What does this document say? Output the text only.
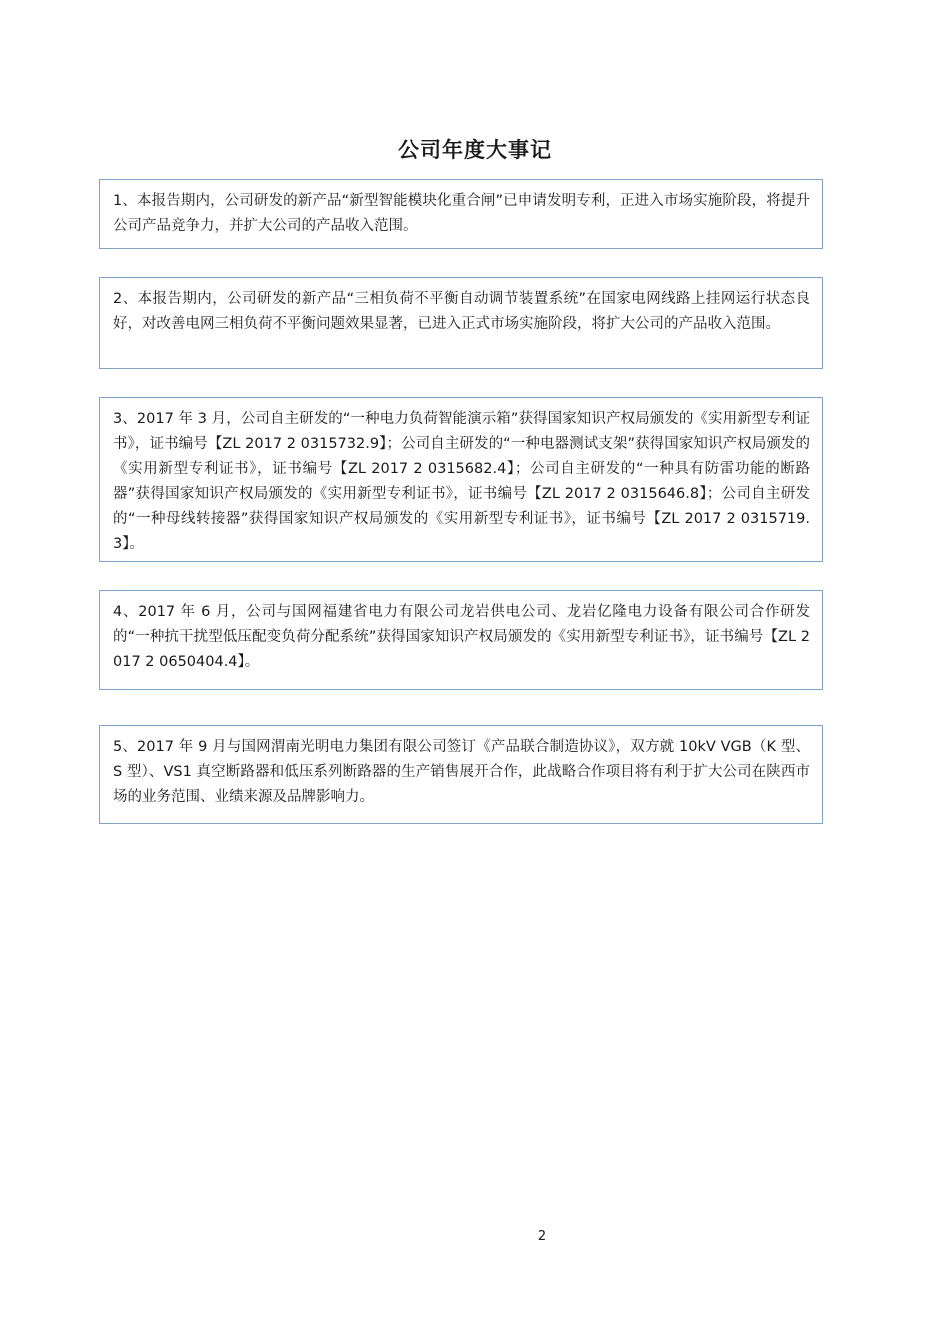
公司年度大事记
1、本报告期内，公司研发的新产品“新型智能模块化重合闸”已申请发明专利，正进入市场实施阶段，将提升公司产品竞争力，并扩大公司的产品收入范围。
2、本报告期内，公司研发的新产品“三相负荷不平衡自动调节装置系统”在国家电网线路上挂网运行状态良好，对改善电网三相负荷不平衡问题效果显著，已进入正式市场实施阶段，将扩大公司的产品收入范围。
3、2017 年 3 月，公司自主研发的“一种电力负荷智能演示箱”获得国家知识产权局颁发的《实用新型专利证书》，证书编号【ZL 2017 2 0315732.9】；公司自主研发的“一种电器测试支架”获得国家知识产权局颁发的《实用新型专利证书》，证书编号【ZL 2017 2 0315682.4】；公司自主研发的“一种具有防雷功能的断路器”获得国家知识产权局颁发的《实用新型专利证书》，证书编号【ZL 2017 2 0315646.8】；公司自主研发的“一种母线转接器”获得国家知识产权局颁发的《实用新型专利证书》，证书编号【ZL 2017 2 0315719.3】。
4、2017 年 6 月，公司与国网福建省电力有限公司龙岩供电公司、龙岩亿隆电力设备有限公司合作研发的“一种抗干扰型低压配变负荷分配系统”获得国家知识产权局颁发的《实用新型专利证书》，证书编号【ZL 2017 2 0650404.4】。
5、2017 年 9 月与国网渭南光明电力集团有限公司签订《产品联合制造协议》，双方就 10kV VGB（K 型、S 型）、VS1 真空断路器和低压系列断路器的生产销售展开合作，此战略合作项目将有利于扩大公司在陕西市场的业务范围、业绩来源及品牌影响力。
2
